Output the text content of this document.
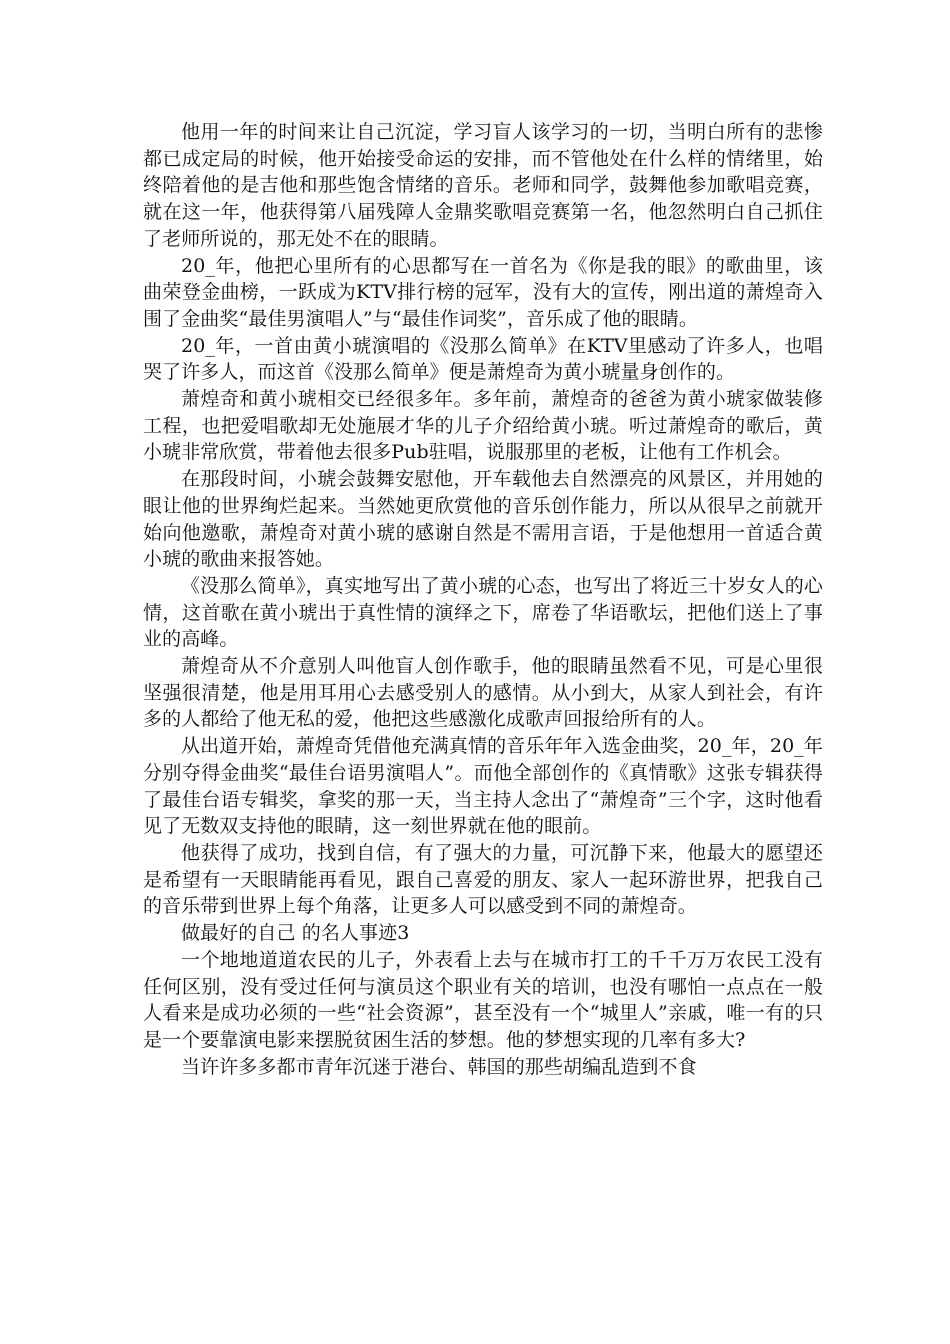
他用一年的时间来让自己沉淀，学习盲人该学习的一切，当明白所有的悲惨都已成定局的时候，他开始接受命运的安排，而不管他处在什么样的情绪里，始终陪着他的是吉他和那些饱含情绪的音乐。老师和同学，鼓舞他参加歌唱竞赛，就在这一年，他获得第八届残障人金鼎奖歌唱竞赛第一名，他忽然明白自己抓住了老师所说的，那无处不在的眼睛。

20_年，他把心里所有的心思都写在一首名为《你是我的眼》的歌曲里，该曲荣登金曲榜，一跃成为KTV排行榜的冠军，没有大的宣传，刚出道的萧煌奇入围了金曲奖“最佳男演唱人”与“最佳作词奖”，音乐成了他的眼睛。

20_年，一首由黄小琥演唱的《没那么简单》在KTV里感动了许多人，也唱哭了许多人，而这首《没那么简单》便是萧煌奇为黄小琥量身创作的。

萧煌奇和黄小琥相交已经很多年。多年前，萧煌奇的爸爸为黄小琥家做装修工程，也把爱唱歌却无处施展才华的儿子介绍给黄小琥。听过萧煌奇的歌后，黄小琥非常欣赏，带着他去很多Pub驻唱，说服那里的老板，让他有工作机会。

在那段时间，小琥会鼓舞安慰他，开车载他去自然漂亮的风景区，并用她的眼让他的世界绚烂起来。当然她更欣赏他的音乐创作能力，所以从很早之前就开始向他邀歌，萧煌奇对黄小琥的感谢自然是不需用言语，于是他想用一首适合黄小琥的歌曲来报答她。

《没那么简单》，真实地写出了黄小琥的心态，也写出了将近三十岁女人的心情，这首歌在黄小琥出于真性情的演绎之下，席卷了华语歌坛，把他们送上了事业的高峰。

萧煌奇从不介意别人叫他盲人创作歌手，他的眼睛虽然看不见，可是心里很坚强很清楚，他是用耳用心去感受别人的感情。从小到大，从家人到社会，有许多的人都给了他无私的爱，他把这些感激化成歌声回报给所有的人。

从出道开始，萧煌奇凭借他充满真情的音乐年年入选金曲奖，20_年，20_年分别夺得金曲奖“最佳台语男演唱人”。而他全部创作的《真情歌》这张专辑获得了最佳台语专辑奖，拿奖的那一天，当主持人念出了“萧煌奇”三个字，这时他看见了无数双支持他的眼睛，这一刻世界就在他的眼前。

他获得了成功，找到自信，有了强大的力量，可沉静下来，他最大的愿望还是希望有一天眼睛能再看见，跟自己喜爱的朋友、家人一起环游世界，把我自己的音乐带到世界上每个角落，让更多人可以感受到不同的萧煌奇。

做最好的自己 的名人事迹3

一个地地道道农民的儿子，外表看上去与在城市打工的千千万万农民工没有任何区别，没有受过任何与演员这个职业有关的培训，也没有哪怕一点点在一般人看来是成功必须的一些“社会资源”，甚至没有一个“城里人”亲戚，唯一有的只是一个要靠演电影来摆脱贫困生活的梦想。他的梦想实现的几率有多大?

当许许多多都市青年沉迷于港台、韩国的那些胡编乱造到不食
